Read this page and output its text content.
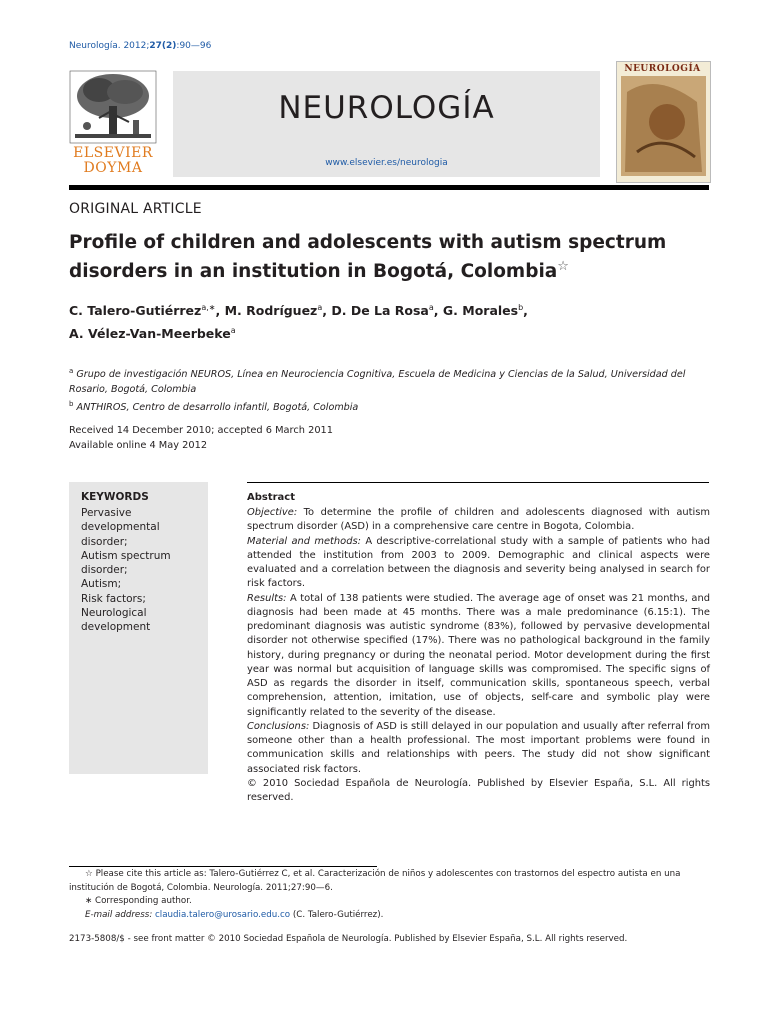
Neurología. 2012;27(2):90—96
ELSEVIER
DOYMA
NEUROLOGÍA
www.elsevier.es/neurologia
NEUROLOGÍA
ORIGINAL ARTICLE
Profile of children and adolescents with autism spectrum
disorders in an institution in Bogotá, Colombia☆
C. Talero-Gutiérrez$^{a,∗}$, M. Rodríguez$^a$, D. De La Rosa$^a$, G. Morales$^b$,
A. Vélez-Van-Meerbeke$^a$
$^a$ Grupo de investigación NEUROS, Línea en Neurociencia Cognitiva, Escuela de Medicina y Ciencias de la Salud, Universidad del Rosario, Bogotá, Colombia
$^b$ ANTHIROS, Centro de desarrollo infantil, Bogotá, Colombia
Received 14 December 2010; accepted 6 March 2011
Available online 4 May 2012
KEYWORDS
Pervasive developmental disorder;
Autism spectrum disorder;
Autism;
Risk factors;
Neurological development
Abstract
Objective: To determine the profile of children and adolescents diagnosed with autism spectrum disorder (ASD) in a comprehensive care centre in Bogota, Colombia.
Material and methods: A descriptive-correlational study with a sample of patients who had attended the institution from 2003 to 2009. Demographic and clinical aspects were evaluated and a correlation between the diagnosis and severity being analysed in search for risk factors.
Results: A total of 138 patients were studied. The average age of onset was 21 months, and diagnosis had been made at 45 months. There was a male predominance (6.15:1). The predominant diagnosis was autistic syndrome (83%), followed by pervasive developmental disorder not otherwise specified (17%). There was no pathological background in the family history, during pregnancy or during the neonatal period. Motor development during the first year was normal but acquisition of language skills was compromised. The specific signs of ASD as regards the disorder in itself, communication skills, spontaneous speech, verbal comprehension, attention, imitation, use of objects, self-care and symbolic play were significantly related to the severity of the disease.
Conclusions: Diagnosis of ASD is still delayed in our population and usually after referral from someone other than a health professional. The most important problems were found in communication skills and relationships with peers. The study did not show significant associated risk factors.
© 2010 Sociedad Española de Neurología. Published by Elsevier España, S.L. All rights reserved.
☆ Please cite this article as: Talero-Gutiérrez C, et al. Caracterización de niños y adolescentes con trastornos del espectro autista en una institución de Bogotá, Colombia. Neurología. 2011;27:90—6.
∗ Corresponding author.
E-mail address: claudia.talero@urosario.edu.co (C. Talero-Gutiérrez).
2173-5808/$ - see front matter © 2010 Sociedad Española de Neurología. Published by Elsevier España, S.L. All rights reserved.
